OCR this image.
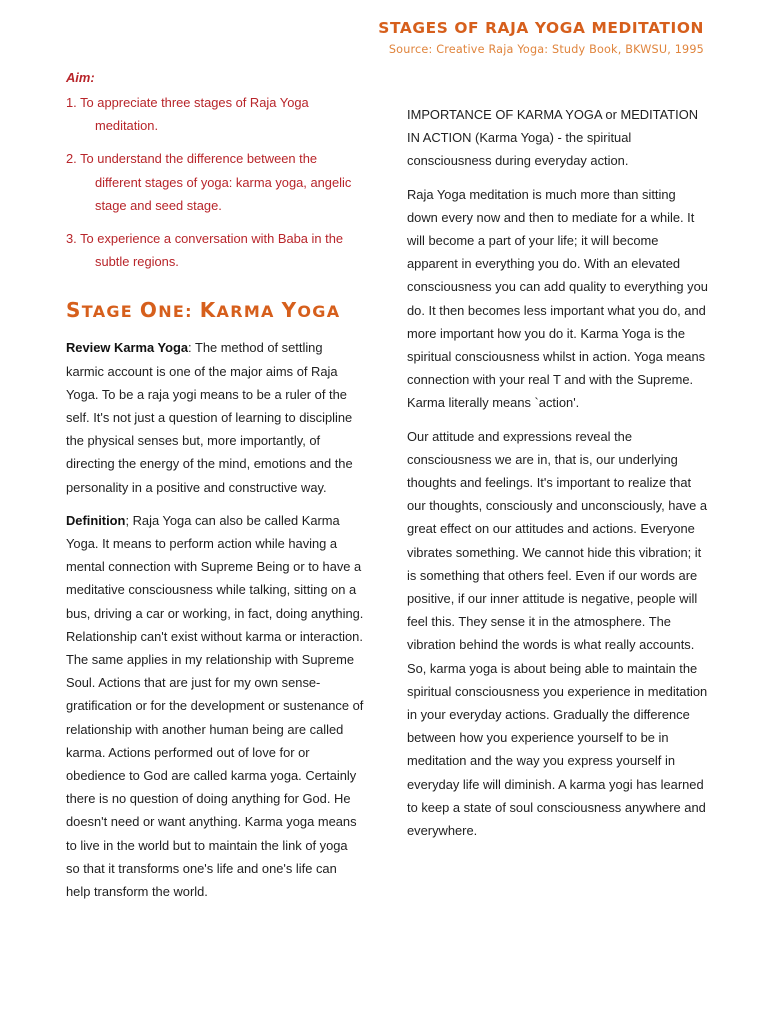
STAGES OF RAJA YOGA MEDITATION
Source: Creative Raja Yoga: Study Book, BKWSU, 1995
Aim:
1. To appreciate three stages of Raja Yoga meditation.
2. To understand the difference between the different stages of yoga: karma yoga, angelic stage and seed stage.
3. To experience a conversation with Baba in the subtle regions.
STAGE ONE: KARMA YOGA

Review Karma Yoga: The method of settling karmic account is one of the major aims of Raja Yoga. To be a raja yogi means to be a ruler of the self. It's not just a question of learning to discipline the physical senses but, more importantly, of directing the energy of the mind, emotions and the personality in a positive and constructive way.

Definition; Raja Yoga can also be called Karma Yoga. It means to perform action while having a mental connection with Supreme Being or to have a meditative consciousness while talking, sitting on a bus, driving a car or working, in fact, doing anything. Relationship can't exist without karma or interaction. The same applies in my relationship with Supreme Soul. Actions that are just for my own sense-gratification or for the development or sustenance of relationship with another human being are called karma. Actions performed out of love for or obedience to God are called karma yoga. Certainly there is no question of doing anything for God. He doesn't need or want anything. Karma yoga means to live in the world but to maintain the link of yoga so that it transforms one's life and one's life can help transform the world.

IMPORTANCE OF KARMA YOGA or MEDITATION IN ACTION (Karma Yoga) - the spiritual consciousness during everyday action.

Raja Yoga meditation is much more than sitting down every now and then to mediate for a while. It will become a part of your life; it will become apparent in everything you do. With an elevated consciousness you can add quality to everything you do. It then becomes less important what you do, and more important how you do it. Karma Yoga is the spiritual consciousness whilst in action. Yoga means connection with your real T and with the Supreme. Karma literally means `action'.

Our attitude and expressions reveal the consciousness we are in, that is, our underlying thoughts and feelings. It's important to realize that our thoughts, consciously and unconsciously, have a great effect on our attitudes and actions. Everyone vibrates something. We cannot hide this vibration; it is something that others feel. Even if our words are positive, if our inner attitude is negative, people will feel this. They sense it in the atmosphere. The vibration behind the words is what really accounts. So, karma yoga is about being able to maintain the spiritual consciousness you experience in meditation in your everyday actions. Gradually the difference between how you experience yourself to be in meditation and the way you express yourself in everyday life will diminish. A karma yogi has learned to keep a state of soul consciousness anywhere and everywhere.
